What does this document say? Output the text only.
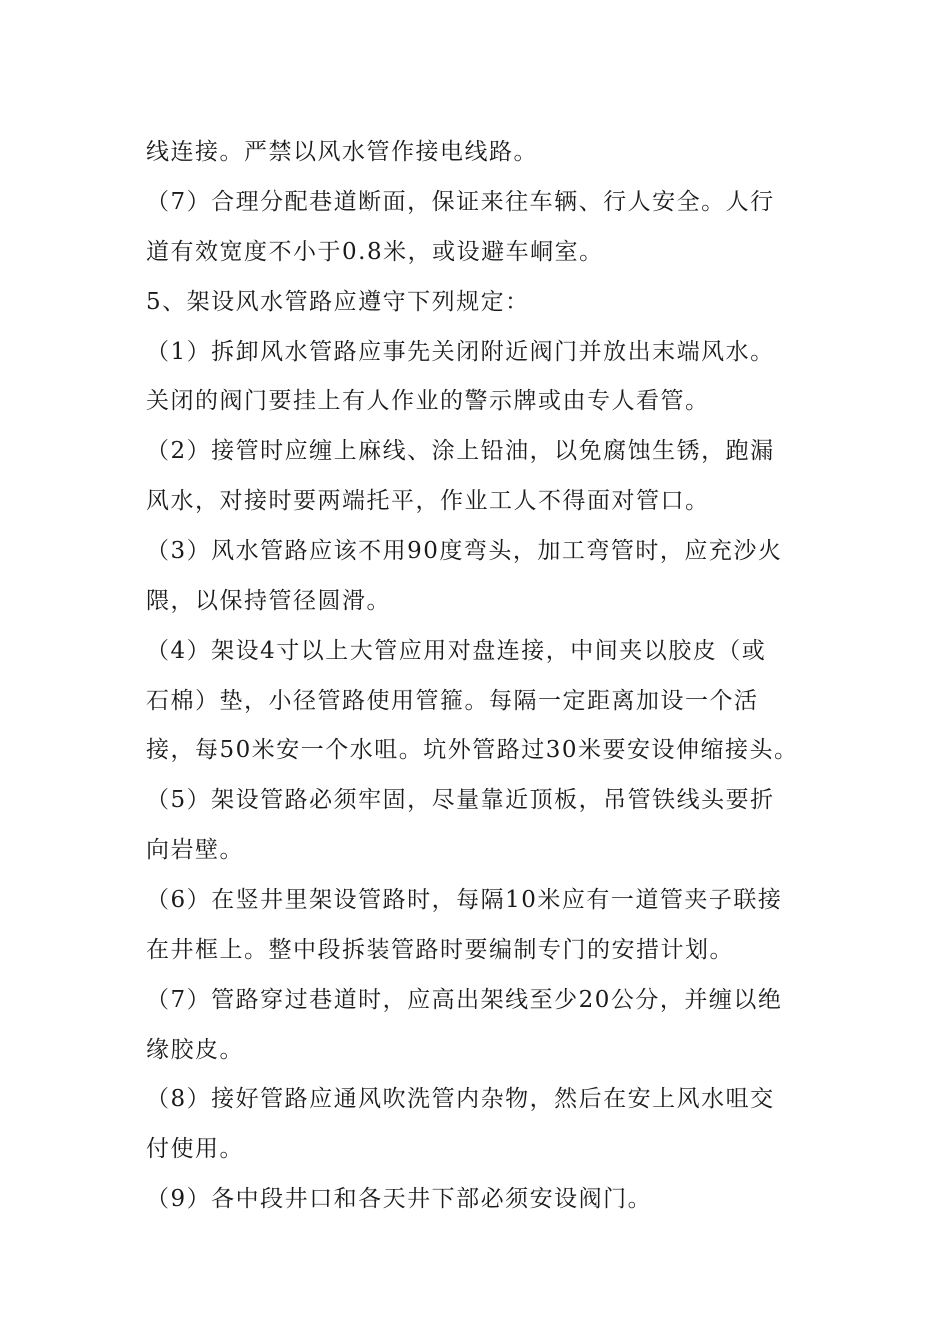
线连接。严禁以风水管作接电线路。
（7）合理分配巷道断面，保证来往车辆、行人安全。人行
道有效宽度不小于0.8米，或设避车峒室。
5、架设风水管路应遵守下列规定：
（1）拆卸风水管路应事先关闭附近阀门并放出末端风水。
关闭的阀门要挂上有人作业的警示牌或由专人看管。
（2）接管时应缠上麻线、涂上铅油，以免腐蚀生锈，跑漏
风水，对接时要两端托平，作业工人不得面对管口。
（3）风水管路应该不用90度弯头，加工弯管时，应充沙火
隈，以保持管径圆滑。
（4）架设4寸以上大管应用对盘连接，中间夹以胶皮（或
石棉）垫，小径管路使用管箍。每隔一定距离加设一个活
接，每50米安一个水咀。坑外管路过30米要安设伸缩接头。
（5）架设管路必须牢固，尽量靠近顶板，吊管铁线头要折
向岩壁。
（6）在竖井里架设管路时，每隔10米应有一道管夹子联接
在井框上。整中段拆装管路时要编制专门的安措计划。
（7）管路穿过巷道时，应高出架线至少20公分，并缠以绝
缘胶皮。
（8）接好管路应通风吹洗管内杂物，然后在安上风水咀交
付使用。
（9）各中段井口和各天井下部必须安设阀门。
